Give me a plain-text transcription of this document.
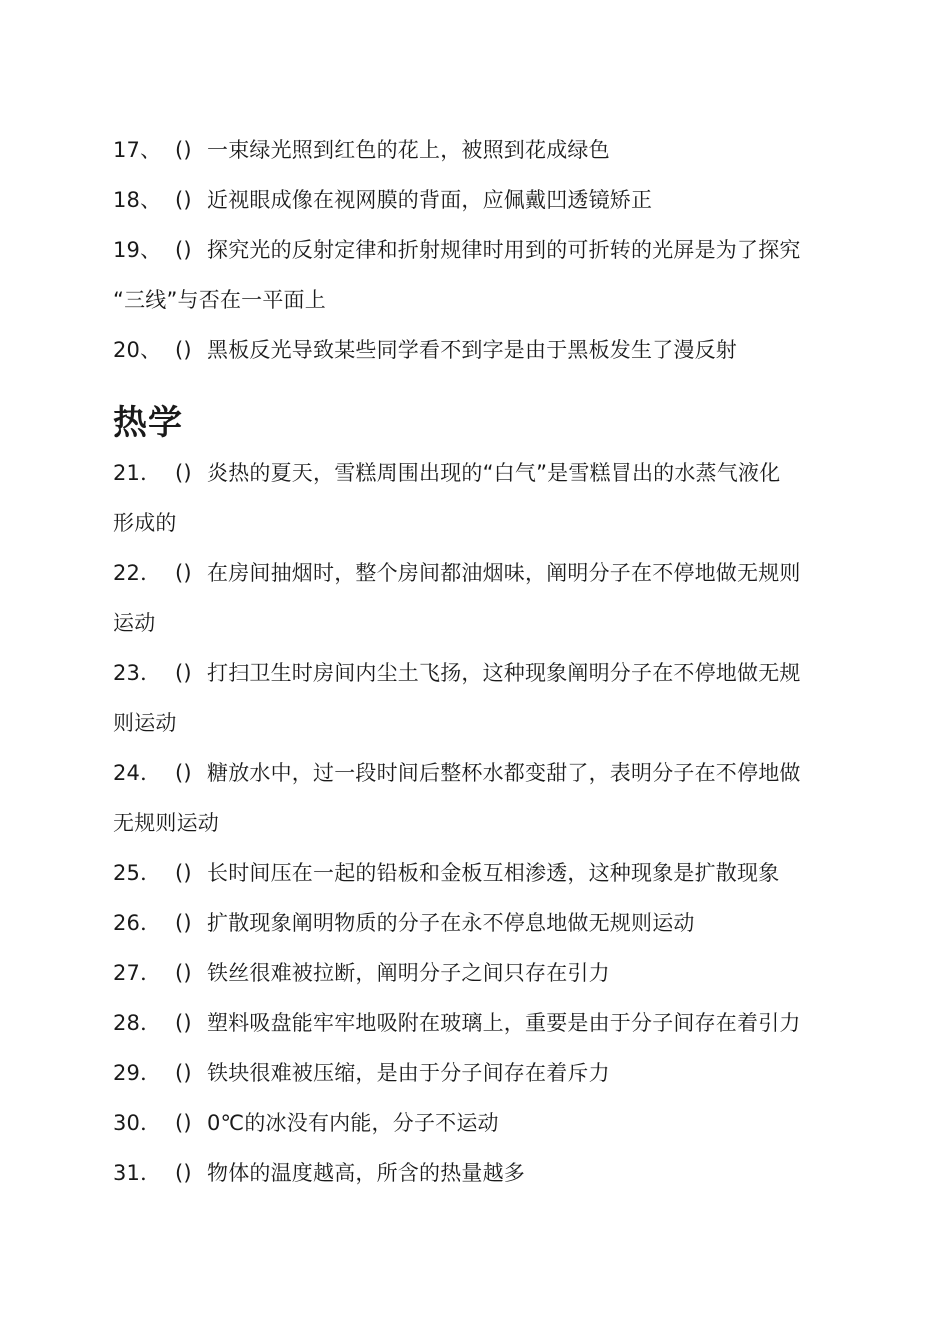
17、 () 一束绿光照到红色的花上，被照到花成绿色
18、 () 近视眼成像在视网膜的背面，应佩戴凹透镜矫正
19、 () 探究光的反射定律和折射规律时用到的可折转的光屏是为了探究
“三线”与否在一平面上
20、 () 黑板反光导致某些同学看不到字是由于黑板发生了漫反射
热学
21． () 炎热的夏天，雪糕周围出现的“白气”是雪糕冒出的水蒸气液化
形成的
22． () 在房间抽烟时，整个房间都油烟味，阐明分子在不停地做无规则
运动
23． () 打扫卫生时房间内尘土飞扬，这种现象阐明分子在不停地做无规
则运动
24． () 糖放水中，过一段时间后整杯水都变甜了，表明分子在不停地做
无规则运动
25． () 长时间压在一起的铅板和金板互相渗透，这种现象是扩散现象
26． () 扩散现象阐明物质的分子在永不停息地做无规则运动
27． () 铁丝很难被拉断，阐明分子之间只存在引力
28． () 塑料吸盘能牢牢地吸附在玻璃上，重要是由于分子间存在着引力
29． () 铁块很难被压缩，是由于分子间存在着斥力
30． () 0℃的冰没有内能，分子不运动
31． () 物体的温度越高，所含的热量越多
